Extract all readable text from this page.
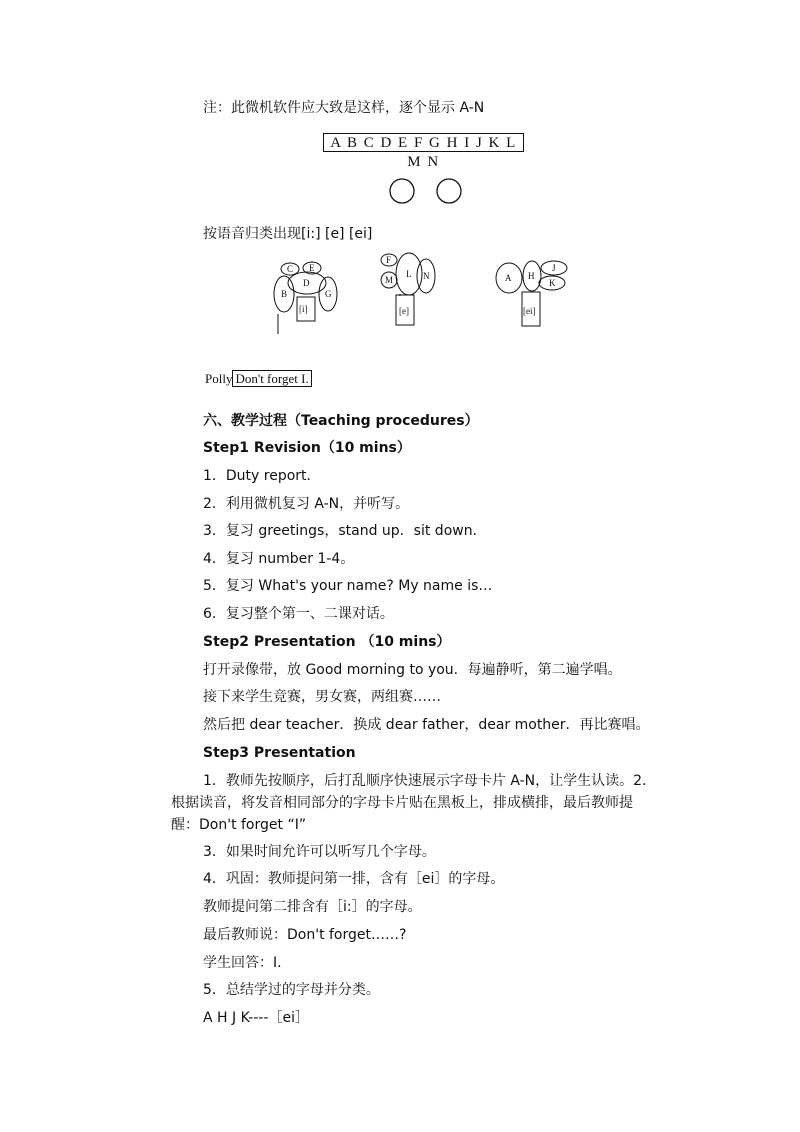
注：此微机软件应大致是这样，逐个显示 A-N
A B C D E F G H I J K L M N
按语音归类出现[i:] [e] [ei]
C E
B
D
G
[i]
F
M
L N
[e]
A H
J
K
[ei]
Polly Don't forget I.
六、教学过程（Teaching procedures）
Step1 Revision（10 mins）
1．Duty report．
2．利用微机复习 A-N，并听写。
3．复习 greetings，stand up．sit down．
4．复习 number 1-4。
5．复习 What's your name? My name is…
6．复习整个第一、二课对话。
Step2 Presentation （10 mins）
打开录像带，放 Good morning to you．每遍静听，第二遍学唱。
接下来学生竞赛，男女赛，两组赛……
然后把 dear teacher．换成 dear father，dear mother．再比赛唱。
Step3 Presentation
1．教师先按顺序，后打乱顺序快速展示字母卡片 A-N，让学生认读。2．根据读音，将发音相同部分的字母卡片贴在黑板上，排成横排，最后教师提醒：Don't forget “I”
3．如果时间允许可以听写几个字母。
4．巩固：教师提问第一排，含有［ei］的字母。
教师提问第二排含有［i:］的字母。
最后教师说：Don't forget……?
学生回答：I．
5．总结学过的字母并分类。
A H J K----［ei］
